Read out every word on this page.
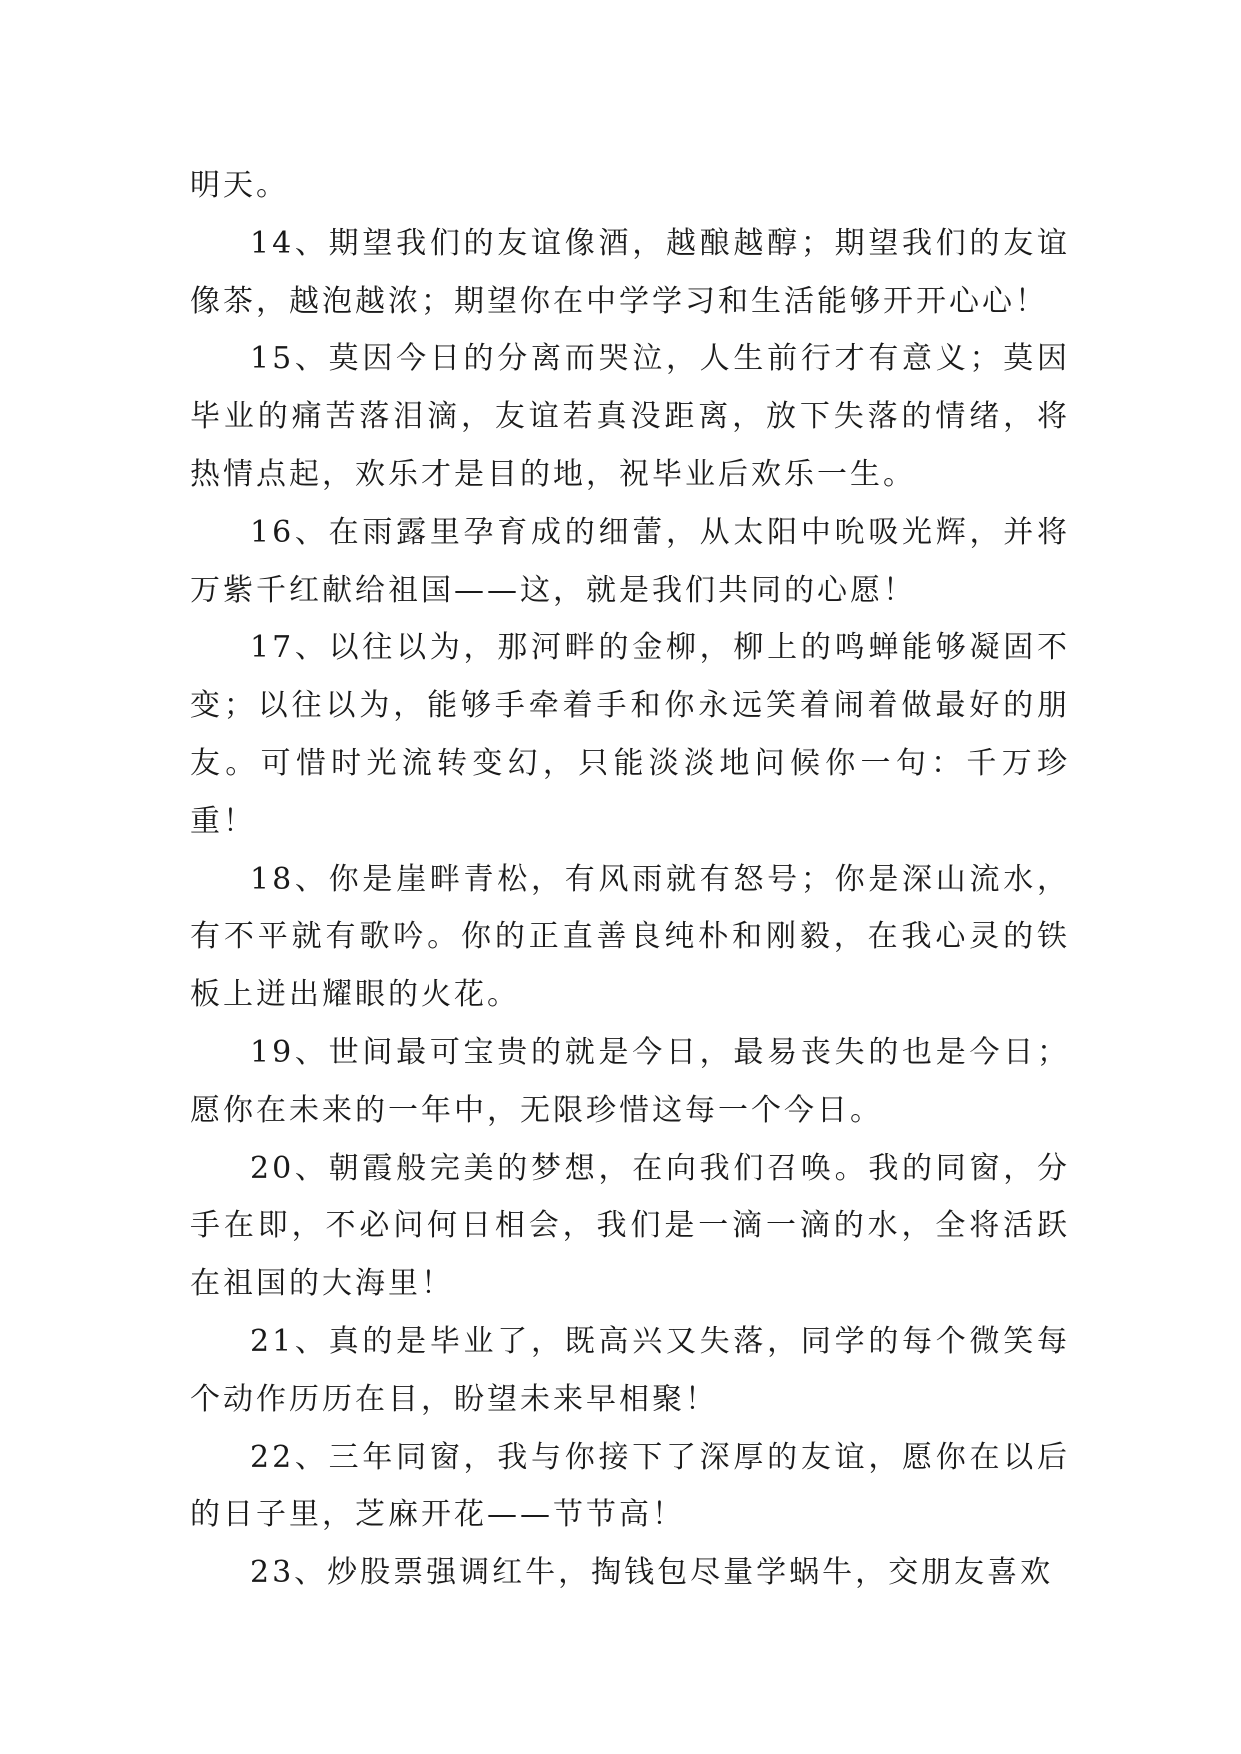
明天。

14、期望我们的友谊像酒，越酿越醇；期望我们的友谊像茶，越泡越浓；期望你在中学学习和生活能够开开心心！

15、莫因今日的分离而哭泣，人生前行才有意义；莫因毕业的痛苦落泪滴，友谊若真没距离，放下失落的情绪，将热情点起，欢乐才是目的地，祝毕业后欢乐一生。

16、在雨露里孕育成的细蕾，从太阳中吮吸光辉，并将万紫千红献给祖国——这，就是我们共同的心愿！

17、以往以为，那河畔的金柳，柳上的鸣蝉能够凝固不变；以往以为，能够手牵着手和你永远笑着闹着做最好的朋友。可惜时光流转变幻，只能淡淡地问候你一句：千万珍重！

18、你是崖畔青松，有风雨就有怒号；你是深山流水，有不平就有歌吟。你的正直善良纯朴和刚毅，在我心灵的铁板上迸出耀眼的火花。

19、世间最可宝贵的就是今日，最易丧失的也是今日；愿你在未来的一年中，无限珍惜这每一个今日。

20、朝霞般完美的梦想，在向我们召唤。我的同窗，分手在即，不必问何日相会，我们是一滴一滴的水，全将活跃在祖国的大海里！

21、真的是毕业了，既高兴又失落，同学的每个微笑每个动作历历在目，盼望未来早相聚！

22、三年同窗，我与你接下了深厚的友谊，愿你在以后的日子里，芝麻开花——节节高！

23、炒股票强调红牛，掏钱包尽量学蜗牛，交朋友喜欢
